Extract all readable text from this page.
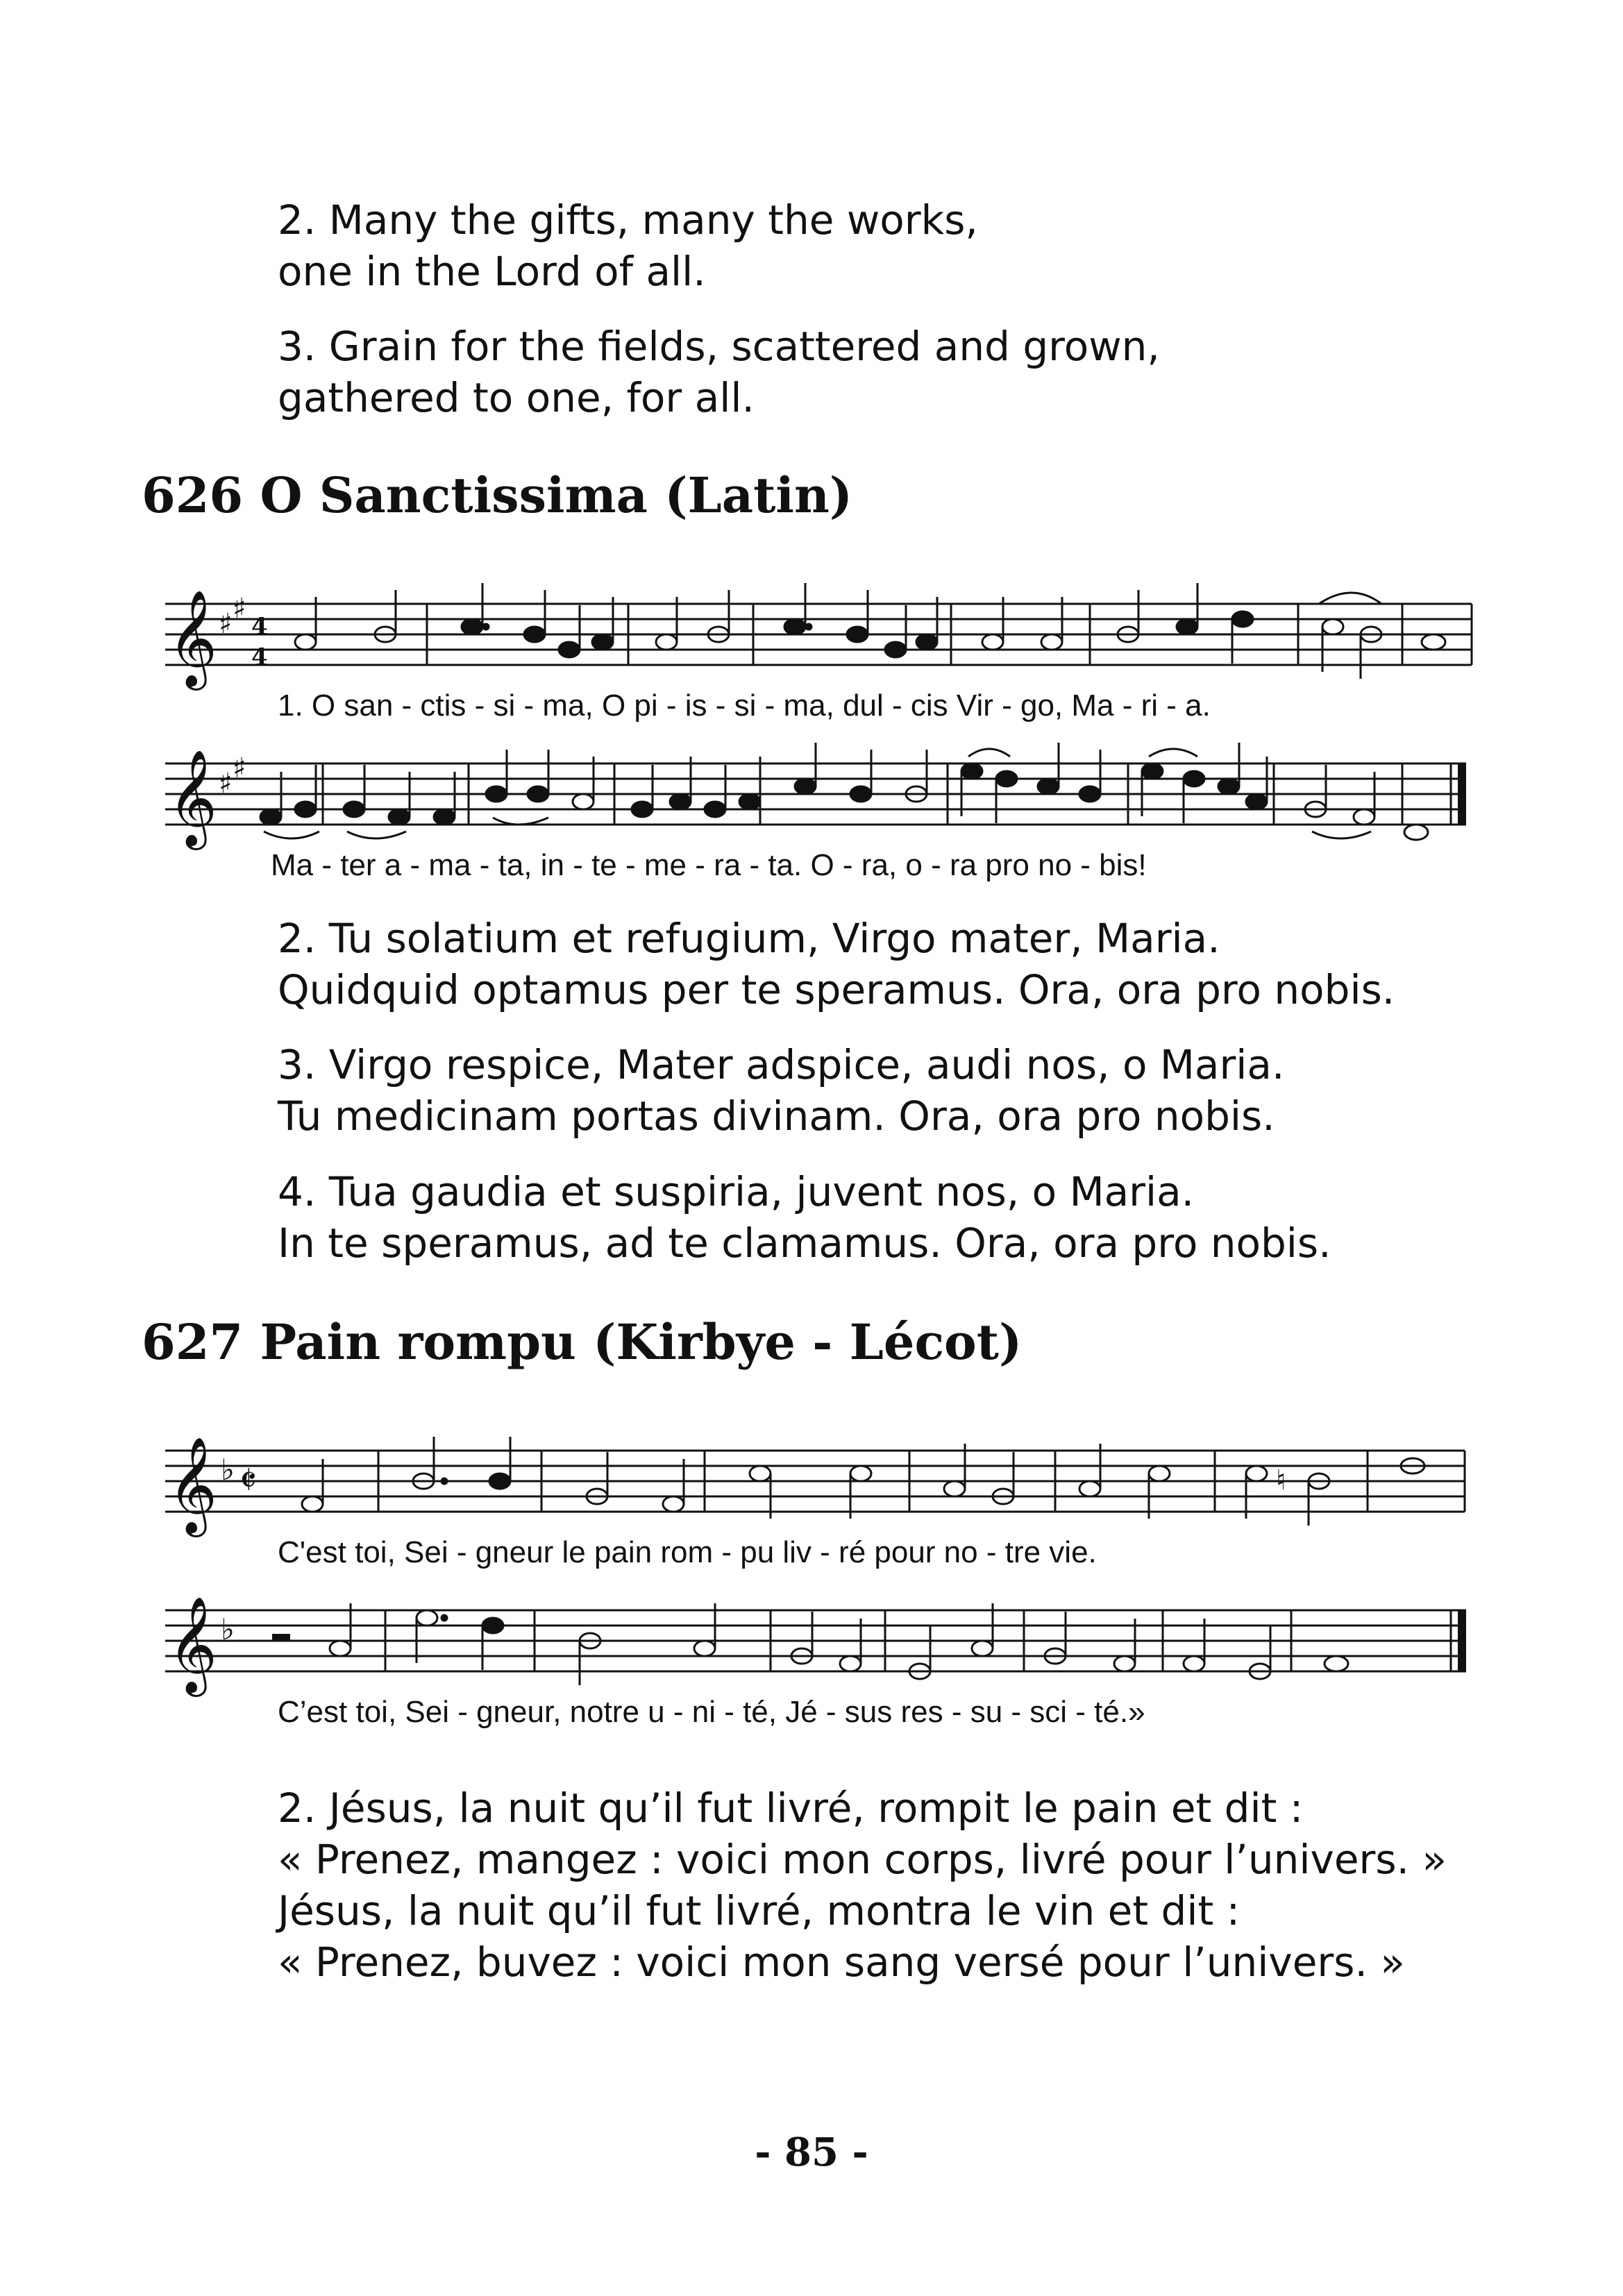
2. Many the gifts, many the works,
one in the Lord of all.
3. Grain for the fields, scattered and grown,
gathered to one, for all.
626 O Sanctissima (Latin)
𝄞 ♯ ♯
4
4
1. O san - ctis - si - ma, O pi - is - si - ma, dul - cis Vir - go, Ma - ri - a.
𝄞 ♯ ♯
Ma - ter a - ma - ta, in - te - me - ra - ta. O - ra, o - ra pro no - bis!
2. Tu solatium et refugium, Virgo mater, Maria.
Quidquid optamus per te speramus. Ora, ora pro nobis.
3. Virgo respice, Mater adspice, audi nos, o Maria.
Tu medicinam portas divinam. Ora, ora pro nobis.
4. Tua gaudia et suspiria, juvent nos, o Maria.
In te speramus, ad te clamamus. Ora, ora pro nobis.
627 Pain rompu (Kirbye - Lécot)
𝄞 ♭ 𝄵	♮
C'est toi, Sei - gneur le pain rom - pu liv - ré pour no - tre vie.
𝄞 ♭
C’est toi, Sei - gneur, notre u - ni - té, Jé - sus res - su - sci - té.»
2. Jésus, la nuit qu’il fut livré, rompit le pain et dit :
« Prenez, mangez : voici mon corps, livré pour l’univers. »
Jésus, la nuit qu’il fut livré, montra le vin et dit :
« Prenez, buvez : voici mon sang versé pour l’univers. »
- 85 -
